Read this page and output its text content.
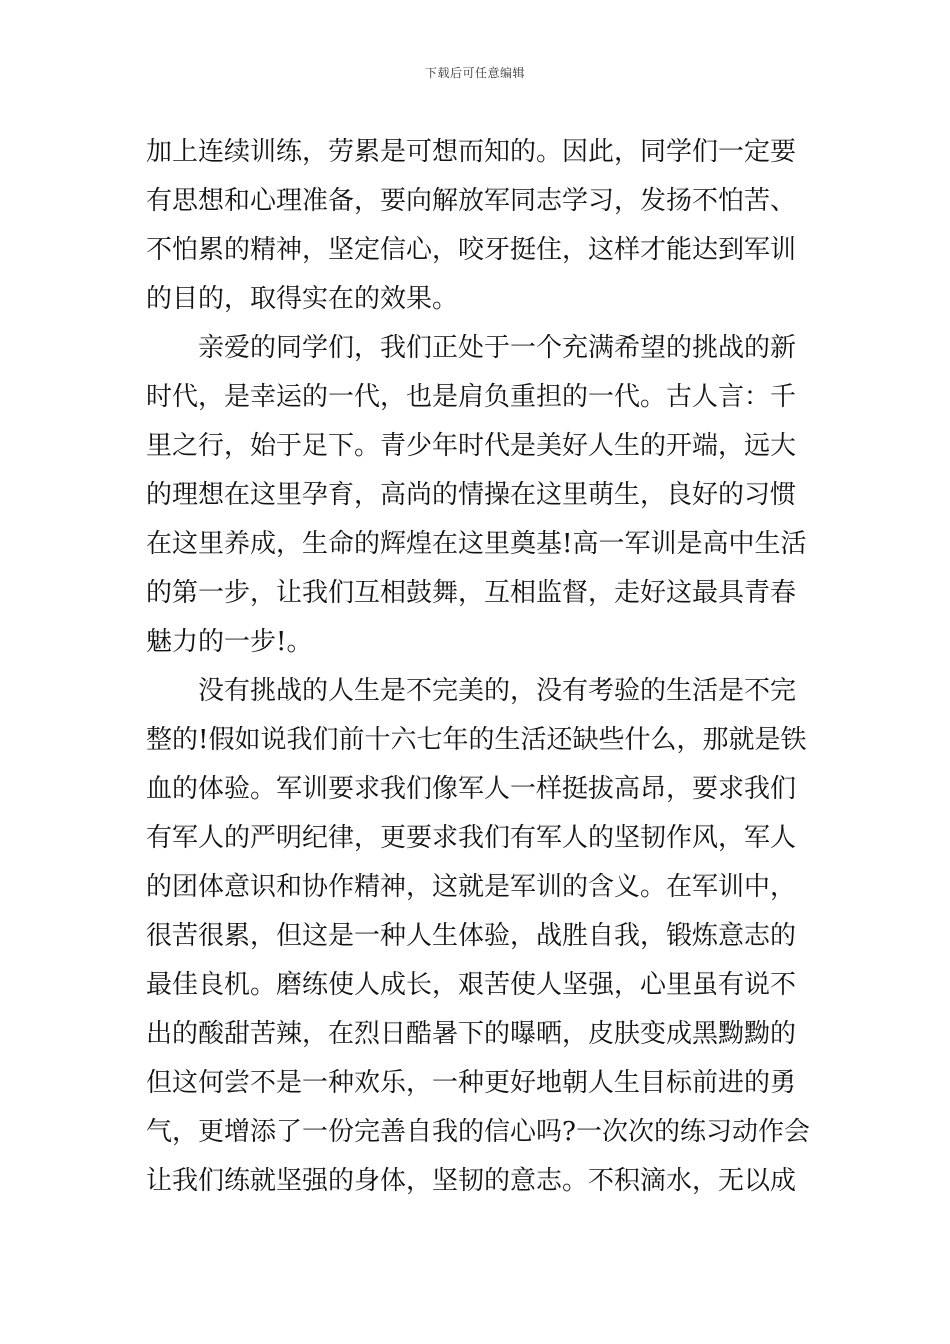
下载后可任意编辑
加上连续训练，劳累是可想而知的。因此，同学们一定要
有思想和心理准备，要向解放军同志学习，发扬不怕苦、
不怕累的精神，坚定信心，咬牙挺住，这样才能达到军训
的目的，取得实在的效果。
亲爱的同学们，我们正处于一个充满希望的挑战的新
时代，是幸运的一代，也是肩负重担的一代。古人言：千
里之行，始于足下。青少年时代是美好人生的开端，远大
的理想在这里孕育，高尚的情操在这里萌生，良好的习惯
在这里养成，生命的辉煌在这里奠基!高一军训是高中生活
的第一步，让我们互相鼓舞，互相监督，走好这最具青春
魅力的一步!。
没有挑战的人生是不完美的，没有考验的生活是不完
整的!假如说我们前十六七年的生活还缺些什么，那就是铁
血的体验。军训要求我们像军人一样挺拔高昂，要求我们
有军人的严明纪律，更要求我们有军人的坚韧作风，军人
的团体意识和协作精神，这就是军训的含义。在军训中，
很苦很累，但这是一种人生体验，战胜自我，锻炼意志的
最佳良机。磨练使人成长，艰苦使人坚强，心里虽有说不
出的酸甜苦辣，在烈日酷暑下的曝晒，皮肤变成黑黝黝的
但这何尝不是一种欢乐，一种更好地朝人生目标前进的勇
气，更增添了一份完善自我的信心吗?一次次的练习动作会
让我们练就坚强的身体，坚韧的意志。不积滴水，无以成
